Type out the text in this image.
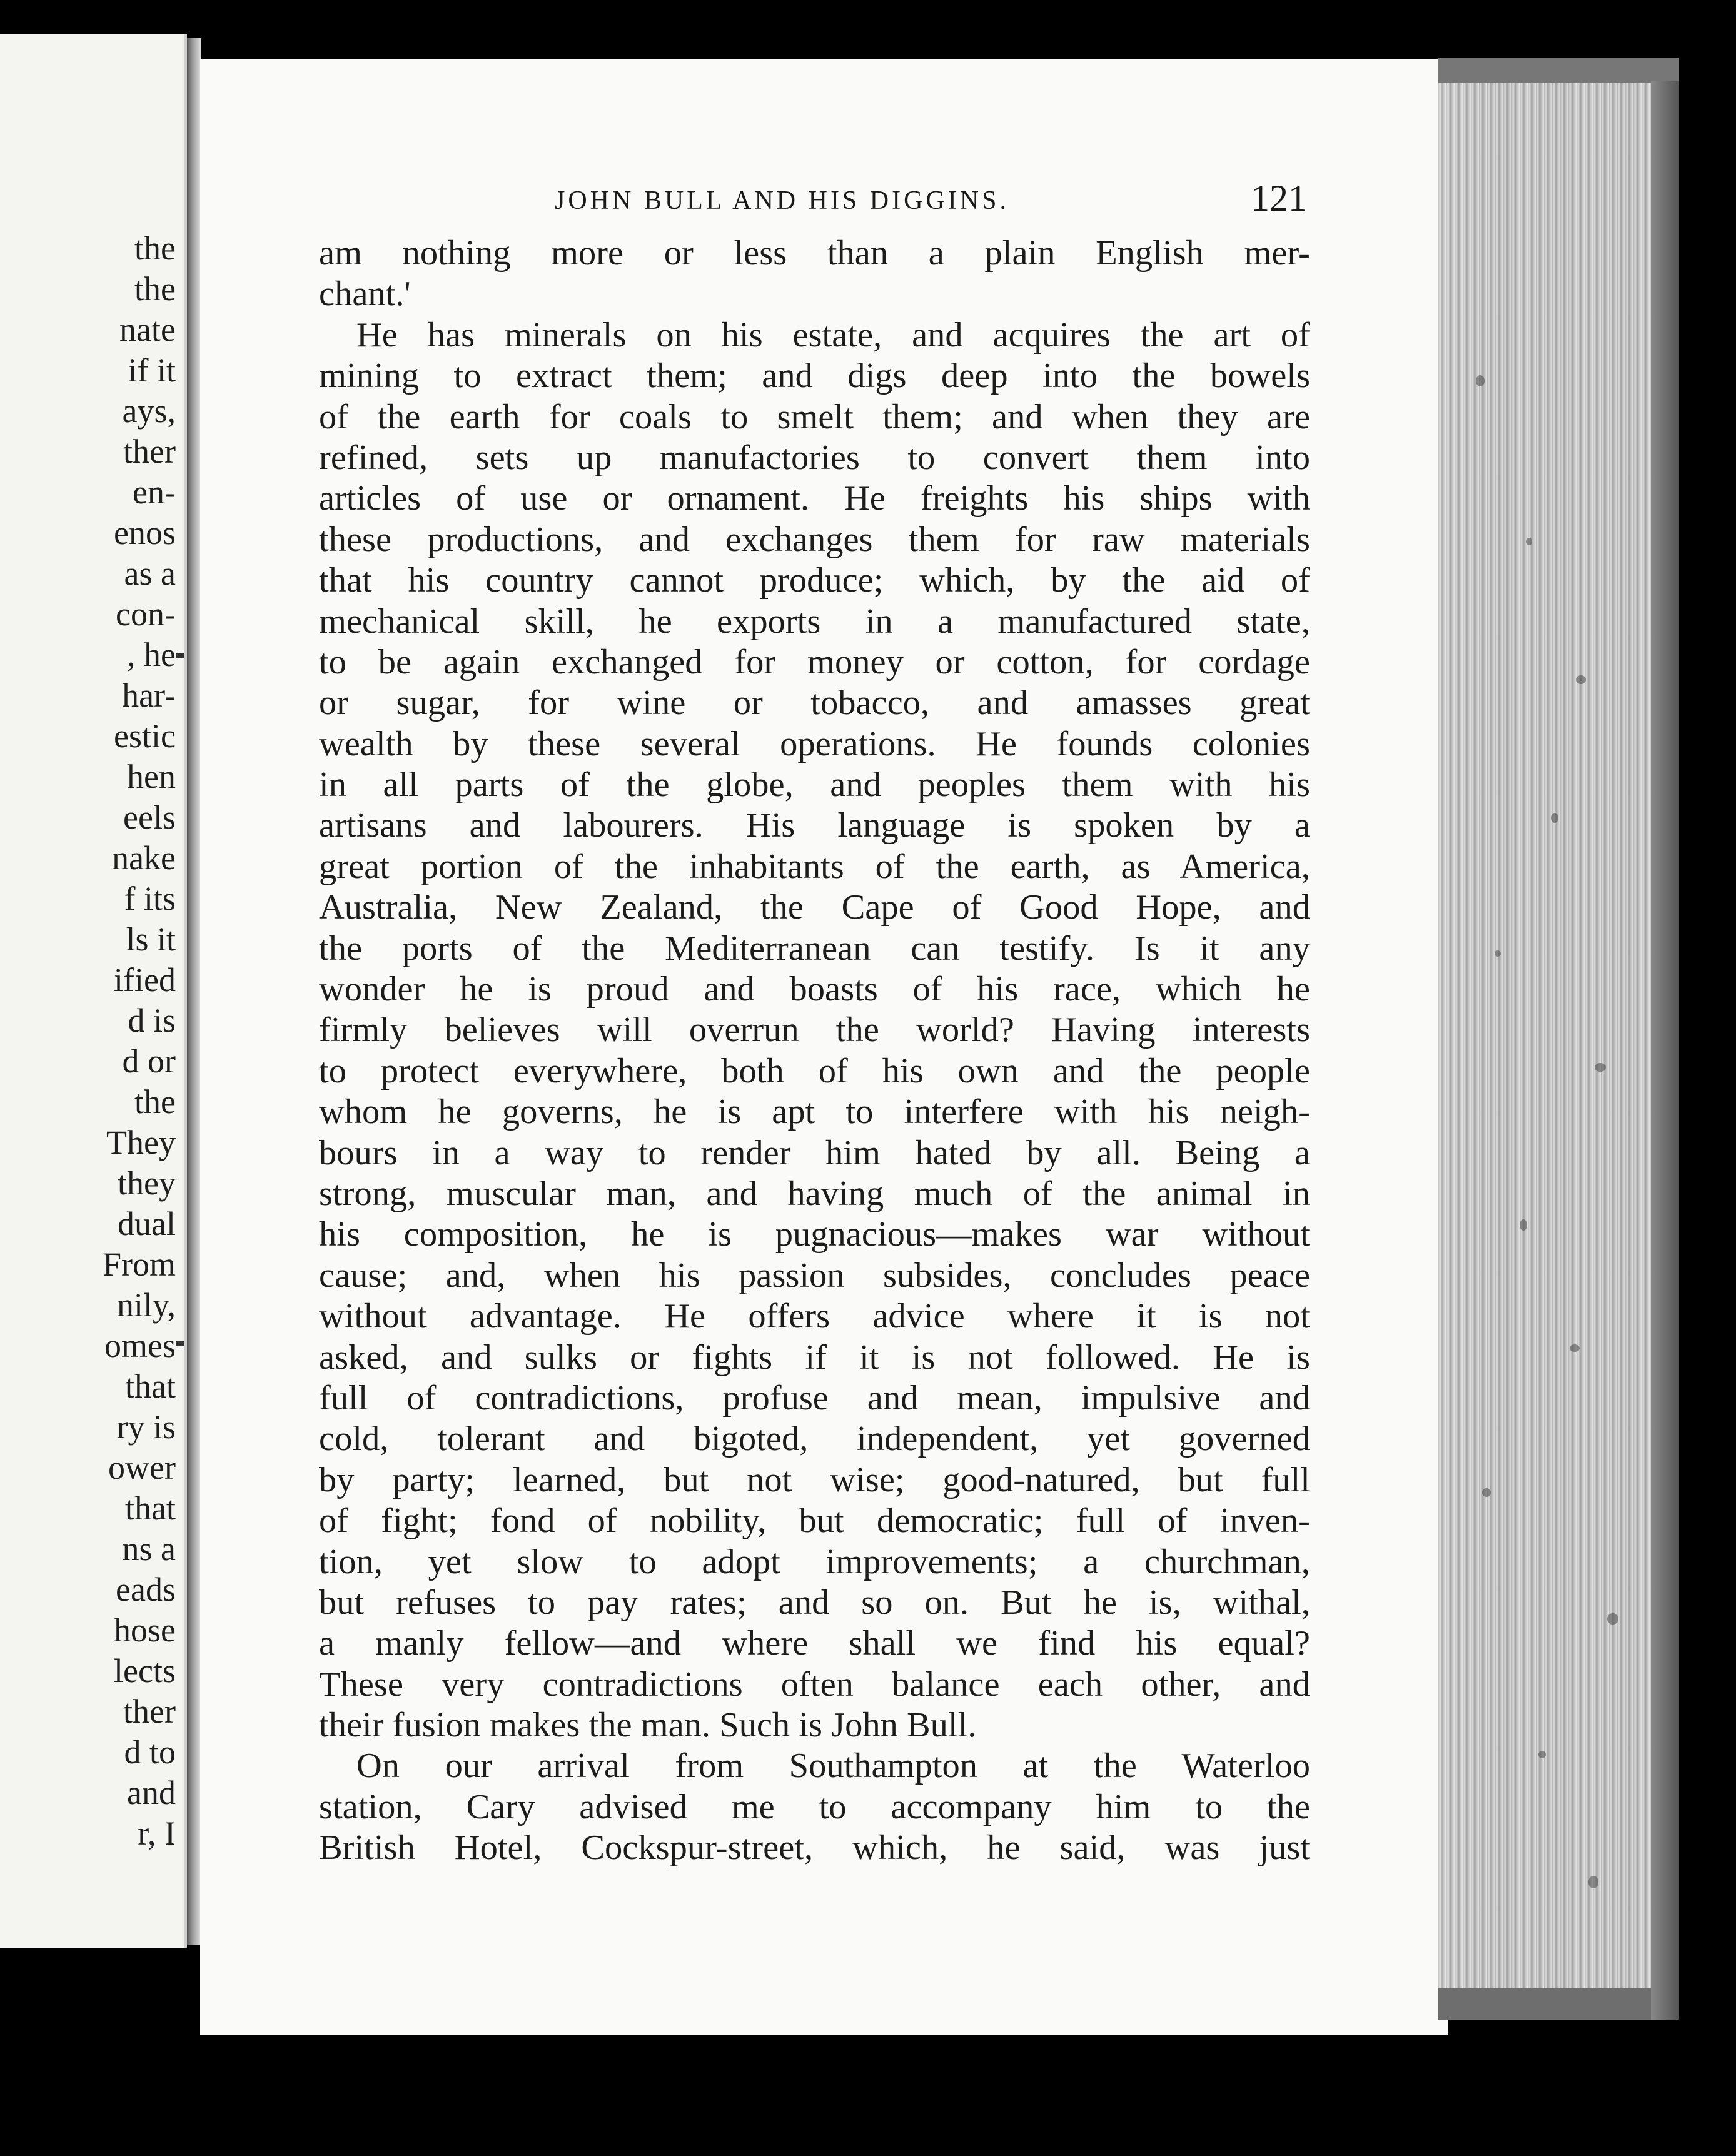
the
the
nate
if it
ays,
ther
en-
enos
as a
con-
, he
har-
estic
hen
eels
nake
f its
ls it
ified
d is
d or
the
They
they
dual
From
nily,
omes
that
ry is
ower
that
ns a
eads
hose
lects
ther
d to
and
r, I
JOHN BULL AND HIS DIGGINS.	121
am nothing more or less than a plain English mer-
chant.'
He has minerals on his estate, and acquires the art of
mining to extract them; and digs deep into the bowels
of the earth for coals to smelt them; and when they are
refined, sets up manufactories to convert them into
articles of use or ornament. He freights his ships with
these productions, and exchanges them for raw materials
that his country cannot produce; which, by the aid of
mechanical skill, he exports in a manufactured state,
to be again exchanged for money or cotton, for cordage
or sugar, for wine or tobacco, and amasses great
wealth by these several operations. He founds colonies
in all parts of the globe, and peoples them with his
artisans and labourers. His language is spoken by a
great portion of the inhabitants of the earth, as America,
Australia, New Zealand, the Cape of Good Hope, and
the ports of the Mediterranean can testify. Is it any
wonder he is proud and boasts of his race, which he
firmly believes will overrun the world? Having interests
to protect everywhere, both of his own and the people
whom he governs, he is apt to interfere with his neigh-
bours in a way to render him hated by all. Being a
strong, muscular man, and having much of the animal in
his composition, he is pugnacious—makes war without
cause; and, when his passion subsides, concludes peace
without advantage. He offers advice where it is not
asked, and sulks or fights if it is not followed. He is
full of contradictions, profuse and mean, impulsive and
cold, tolerant and bigoted, independent, yet governed
by party; learned, but not wise; good-natured, but full
of fight; fond of nobility, but democratic; full of inven-
tion, yet slow to adopt improvements; a churchman,
but refuses to pay rates; and so on. But he is, withal,
a manly fellow—and where shall we find his equal?
These very contradictions often balance each other, and
their fusion makes the man. Such is John Bull.
On our arrival from Southampton at the Waterloo
station, Cary advised me to accompany him to the
British Hotel, Cockspur-street, which, he said, was just
